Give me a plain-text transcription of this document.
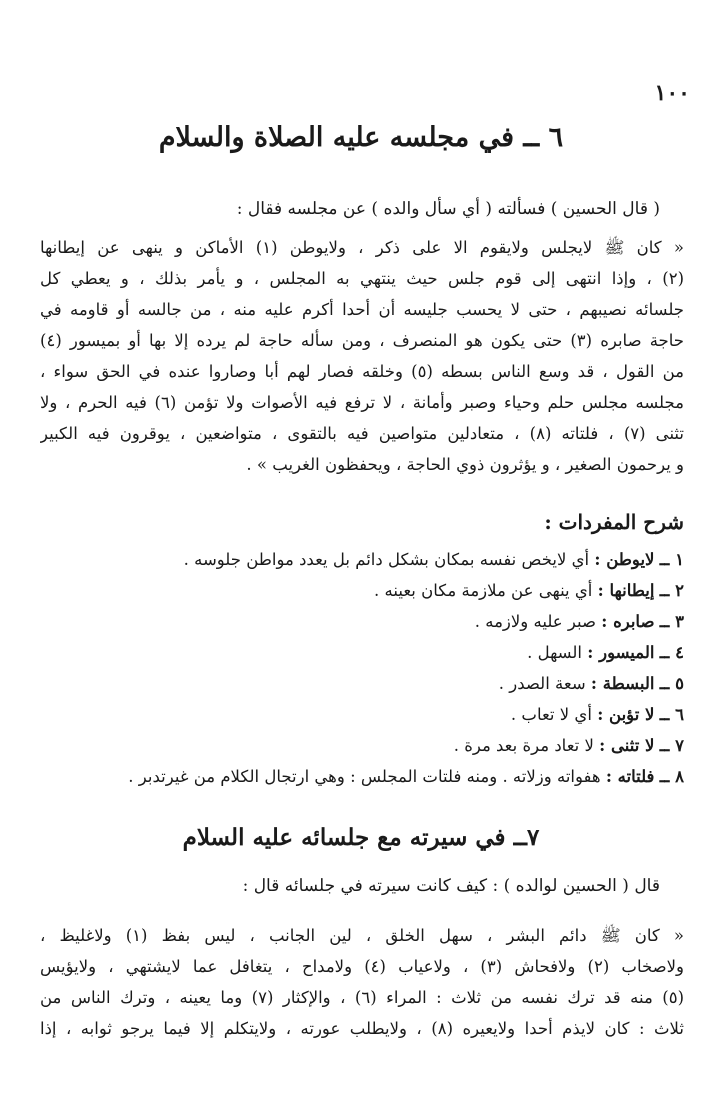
١٠٠
٦ ــ في مجلسه عليه الصلاة والسلام
( قال الحسين ) فسألته ( أي سأل والده ) عن مجلسه فقال :
« كان ﷺ لايجلس ولايقوم الا على ذكر ، ولايوطن (١) الأماكن و ينهى عن إيطانها
(٢) ، وإذا انتهى إلى قوم جلس حيث ينتهي به المجلس ، و يأمر بذلك ، و يعطي كل
جلسائه نصيبهم ، حتى لا يحسب جليسه أن أحدا أكرم عليه منه ، من جالسه أو قاومه في
حاجة صابره (٣) حتى يكون هو المنصرف ، ومن سأله حاجة لم يرده إلا بها أو بميسور (٤)
من القول ، قد وسع الناس بسطه (٥) وخلقه فصار لهم أبا وصاروا عنده في الحق سواء ،
مجلسه مجلس حلم وحياء وصبر وأمانة ، لا ترفع فيه الأصوات ولا تؤمن (٦) فيه الحرم ، ولا
تثنى (٧) ، فلتاته (٨) ، متعادلين متواصين فيه بالتقوى ، متواضعين ، يوقرون فيه الكبير
و يرحمون الصغير ، و يؤثرون ذوي الحاجة ، ويحفظون الغريب » .
شرح المفردات :
١ ــ لايوطن : أي لايخص نفسه بمكان بشكل دائم بل يعدد مواطن جلوسه .
٢ ــ إيطانها : أي ينهى عن ملازمة مكان بعينه .
٣ ــ صابره : صبر عليه ولازمه .
٤ ــ الميسور : السهل .
٥ ــ البسطة : سعة الصدر .
٦ ــ لا تؤبن : أي لا تعاب .
٧ ــ لا تثنى : لا تعاد مرة بعد مرة .
٨ ــ فلتاته : هفواته وزلاته . ومنه فلتات المجلس : وهي ارتجال الكلام من غيرتدبر .
٧ــ في سيرته مع جلسائه عليه السلام
قال ( الحسين لوالده ) : كيف كانت سيرته في جلسائه قال :
« كان ﷺ دائم البشر ، سهل الخلق ، لين الجانب ، ليس بفظ (١) ولاغليظ ،
ولاصخاب (٢) ولافحاش (٣) ، ولاعياب (٤) ولامداح ، يتغافل عما لايشتهي ، ولايؤيس
(٥) منه قد ترك نفسه من ثلاث : المراء (٦) ، والإكثار (٧) وما يعينه ، وترك الناس من
ثلاث : كان لايذم أحدا ولايعيره (٨) ، ولايطلب عورته ، ولايتكلم إلا فيما يرجو ثوابه ، إذا
